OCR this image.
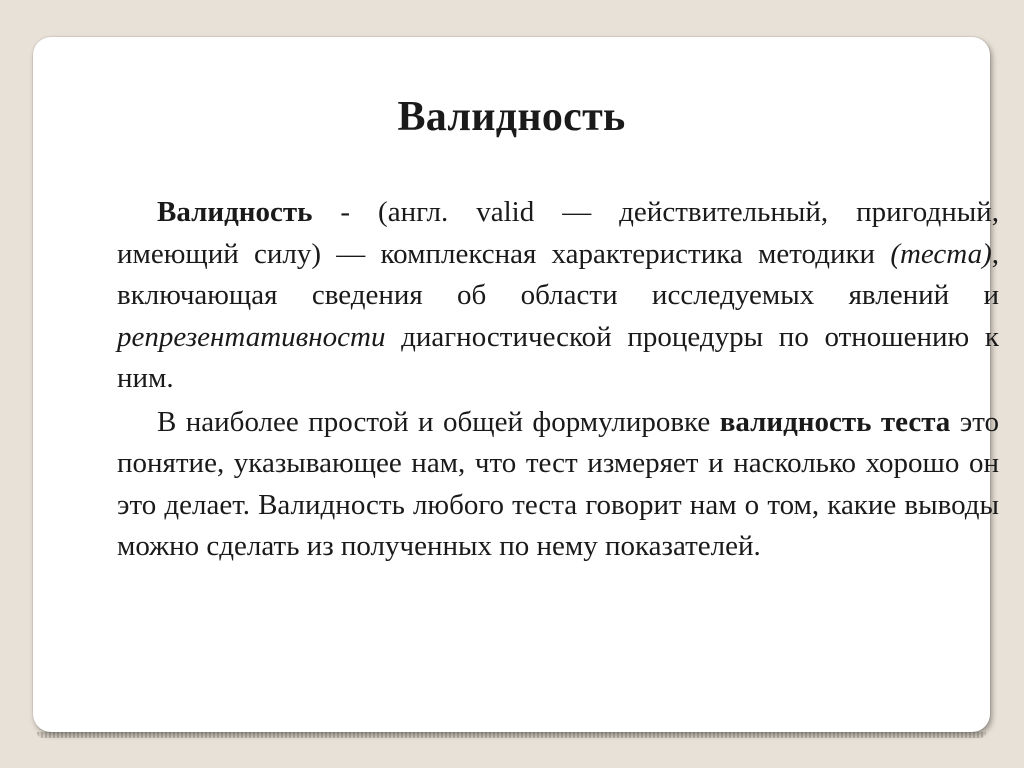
Валидность

Валидность - (англ. valid — действительный, пригодный, имеющий силу) — комплексная характеристика методики (теста), включающая сведения об области исследуемых явлений и репрезентативности диагностической процедуры по отношению к ним.

В наиболее простой и общей формулировке валидность теста это понятие, указывающее нам, что тест измеряет и насколько хорошо он это делает. Валидность любого теста говорит нам о том, какие выводы можно сделать из полученных по нему показателей.
